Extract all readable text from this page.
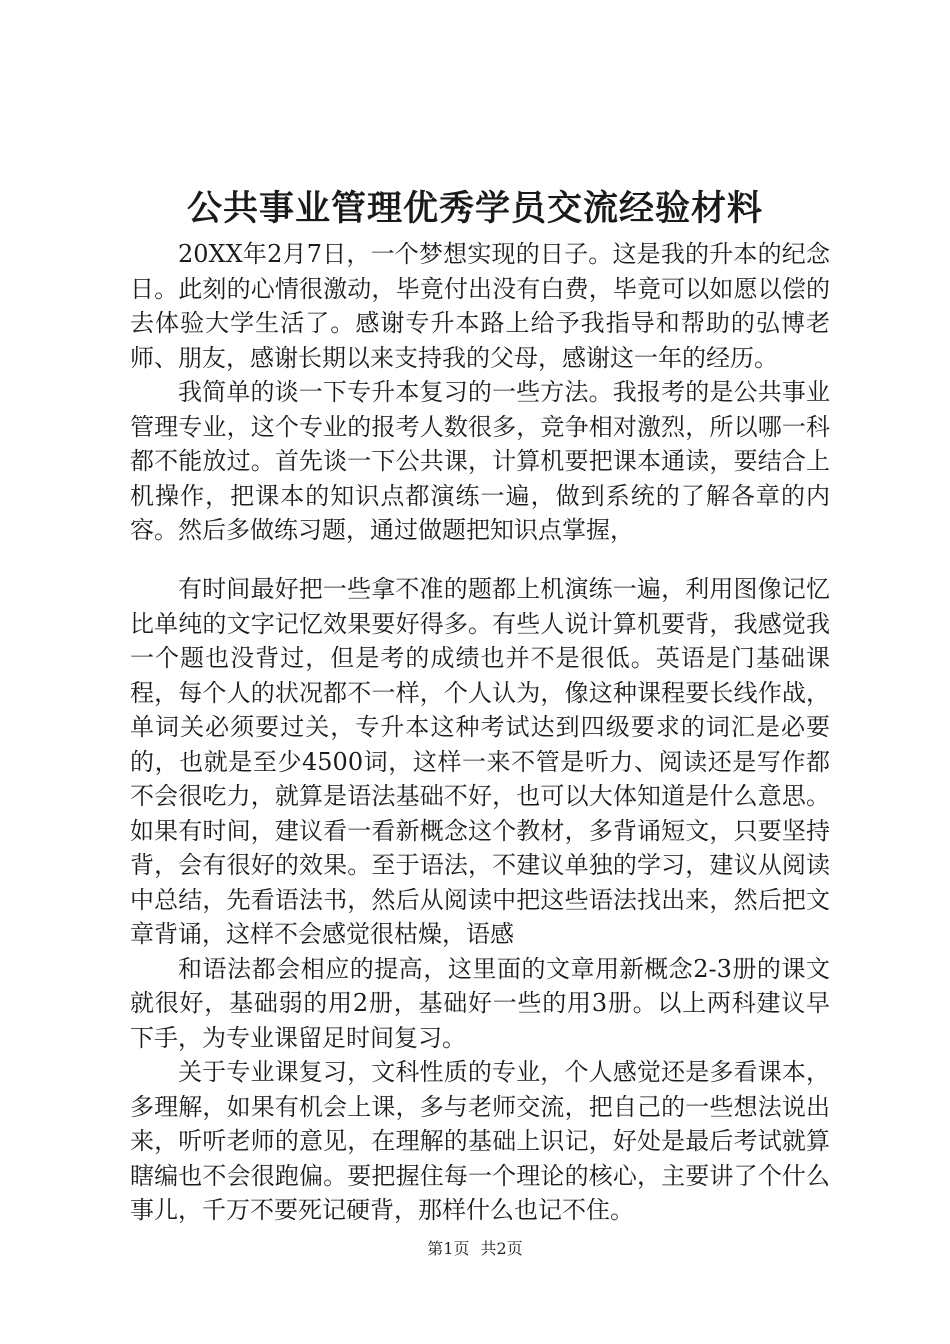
公共事业管理优秀学员交流经验材料

20XX年2月7日，一个梦想实现的日子。这是我的升本的纪念日。此刻的心情很激动，毕竟付出没有白费，毕竟可以如愿以偿的去体验大学生活了。感谢专升本路上给予我指导和帮助的弘博老师、朋友，感谢长期以来支持我的父母，感谢这一年的经历。

我简单的谈一下专升本复习的一些方法。我报考的是公共事业管理专业，这个专业的报考人数很多，竞争相对激烈，所以哪一科都不能放过。首先谈一下公共课，计算机要把课本通读，要结合上机操作，把课本的知识点都演练一遍，做到系统的了解各章的内容。然后多做练习题，通过做题把知识点掌握，

有时间最好把一些拿不准的题都上机演练一遍，利用图像记忆比单纯的文字记忆效果要好得多。有些人说计算机要背，我感觉我一个题也没背过，但是考的成绩也并不是很低。英语是门基础课程，每个人的状况都不一样，个人认为，像这种课程要长线作战，单词关必须要过关，专升本这种考试达到四级要求的词汇是必要的，也就是至少4500词，这样一来不管是听力、阅读还是写作都不会很吃力，就算是语法基础不好，也可以大体知道是什么意思。如果有时间，建议看一看新概念这个教材，多背诵短文，只要坚持背，会有很好的效果。至于语法，不建议单独的学习，建议从阅读中总结，先看语法书，然后从阅读中把这些语法找出来，然后把文章背诵，这样不会感觉很枯燥，语感

和语法都会相应的提高，这里面的文章用新概念2-3册的课文就很好，基础弱的用2册，基础好一些的用3册。以上两科建议早下手，为专业课留足时间复习。

关于专业课复习，文科性质的专业，个人感觉还是多看课本，多理解，如果有机会上课，多与老师交流，把自己的一些想法说出来，听听老师的意见，在理解的基础上识记，好处是最后考试就算瞎编也不会很跑偏。要把握住每一个理论的核心，主要讲了个什么事儿，千万不要死记硬背，那样什么也记不住。

第1页 共2页
